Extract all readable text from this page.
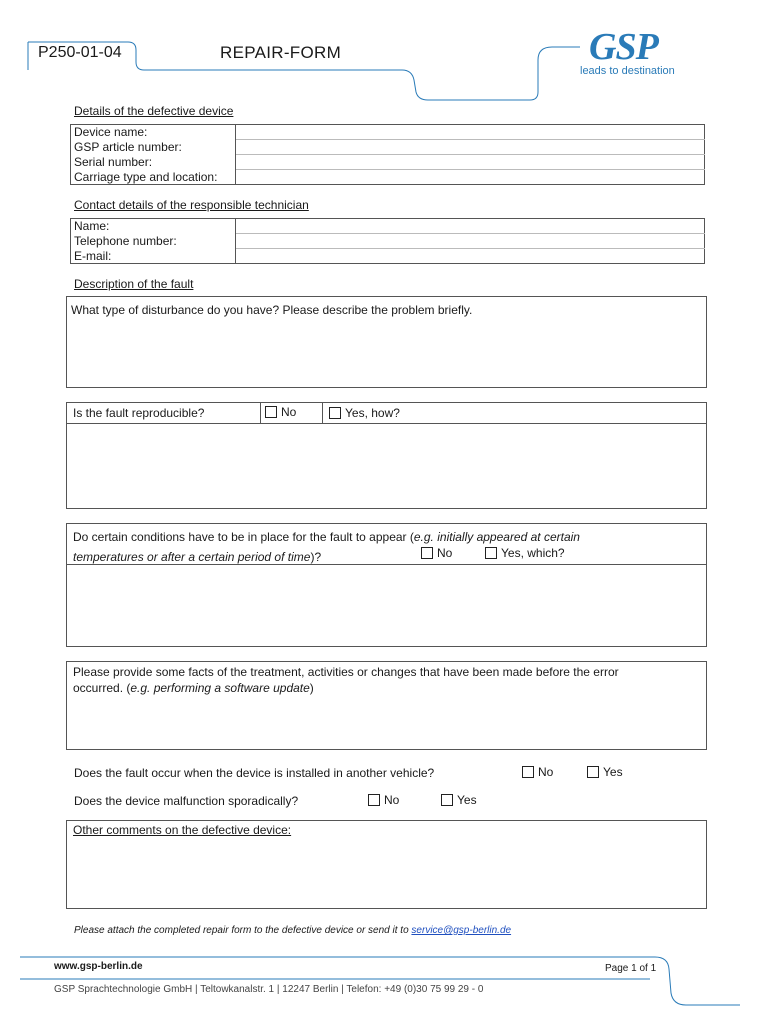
P250-01-04	REPAIR-FORM	GSP
leads to destination
Details of the defective device
Device name:	
GSP article number:	
Serial number:	
Carriage type and location:	
Contact details of the responsible technician
Name:	
Telephone number:	
E-mail:	
Description of the fault
What type of disturbance do you have? Please describe the problem briefly.
Is the fault reproducible?	No	Yes, how?
Do certain conditions have to be in place for the fault to appear (e.g. initially appeared at certain
temperatures or after a certain period of time)?	No	Yes, which?
Please provide some facts of the treatment, activities or changes that have been made before the error
occurred. (e.g. performing a software update)
Does the fault occur when the device is installed in another vehicle?	No	Yes
Does the device malfunction sporadically?	No	Yes
Other comments on the defective device:
Please attach the completed repair form to the defective device or send it to service@gsp-berlin.de
www.gsp-berlin.de	Page 1 of 1
GSP Sprachtechnologie GmbH | Teltowkanalstr. 1 | 12247 Berlin | Telefon: +49 (0)30 75 99 29 - 0
